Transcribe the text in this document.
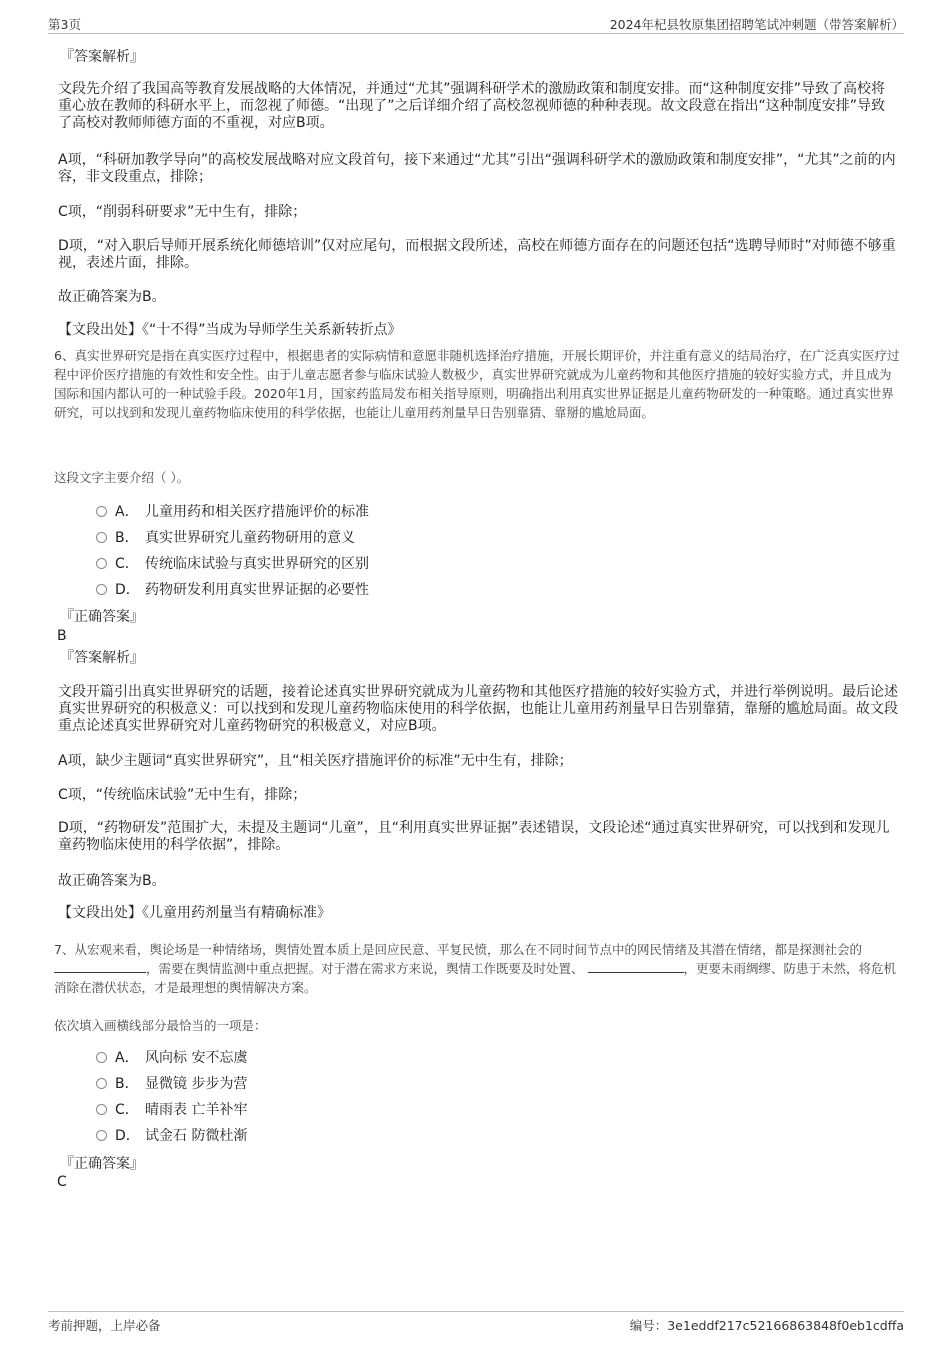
第3页	2024年杞县牧原集团招聘笔试冲刺题（带答案解析）
『答案解析』

文段先介绍了我国高等教育发展战略的大体情况，并通过“尤其”强调科研学术的激励政策和制度安排。而“这种制度安排”导致了高校将重心放在教师的科研水平上，而忽视了师德。“出现了”之后详细介绍了高校忽视师德的种种表现。故文段意在指出“这种制度安排”导致了高校对教师师德方面的不重视，对应B项。

A项，“科研加教学导向”的高校发展战略对应文段首句，接下来通过“尤其”引出“强调科研学术的激励政策和制度安排”，“尤其”之前的内容，非文段重点，排除；

C项，“削弱科研要求”无中生有，排除；

D项，“对入职后导师开展系统化师德培训”仅对应尾句，而根据文段所述，高校在师德方面存在的问题还包括“选聘导师时”对师德不够重视，表述片面，排除。

故正确答案为B。

【文段出处】《“十不得”当成为导师学生关系新转折点》

6、真实世界研究是指在真实医疗过程中，根据患者的实际病情和意愿非随机选择治疗措施，开展长期评价，并注重有意义的结局治疗，在广泛真实医疗过程中评价医疗措施的有效性和安全性。由于儿童志愿者参与临床试验人数极少，真实世界研究就成为儿童药物和其他医疗措施的较好实验方式，并且成为国际和国内都认可的一种试验手段。2020年1月，国家药监局发布相关指导原则，明确指出利用真实世界证据是儿童药物研发的一种策略。通过真实世界研究，可以找到和发现儿童药物临床使用的科学依据，也能让儿童用药剂量早日告别靠猜、靠掰的尴尬局面。
这段文字主要介绍（ ）。
A． 儿童用药和相关医疗措施评价的标准
B． 真实世界研究儿童药物研用的意义
C． 传统临床试验与真实世界研究的区别
D． 药物研发利用真实世界证据的必要性
『正确答案』
B
『答案解析』

文段开篇引出真实世界研究的话题，接着论述真实世界研究就成为儿童药物和其他医疗措施的较好实验方式，并进行举例说明。最后论述真实世界研究的积极意义：可以找到和发现儿童药物临床使用的科学依据，也能让儿童用药剂量早日告别靠猜，靠掰的尴尬局面。故文段重点论述真实世界研究对儿童药物研究的积极意义，对应B项。

A项，缺少主题词“真实世界研究”，且“相关医疗措施评价的标准”无中生有，排除；

C项，“传统临床试验”无中生有，排除；

D项，“药物研发”范围扩大，未提及主题词“儿童”，且“利用真实世界证据”表述错误，文段论述“通过真实世界研究，可以找到和发现儿童药物临床使用的科学依据”，排除。

故正确答案为B。

【文段出处】《儿童用药剂量当有精确标准》

7、从宏观来看，舆论场是一种情绪场，舆情处置本质上是回应民意、平复民愤，那么在不同时间节点中的网民情绪及其潜在情绪，都是探测社会的 ，需要在舆情监测中重点把握。对于潜在需求方来说，舆情工作既要及时处置、	，更要未雨绸缪、防患于未然，将危机消除在潜伏状态，才是最理想的舆情解决方案。
依次填入画横线部分最恰当的一项是：
A． 风向标 安不忘虞
B． 显微镜 步步为营
C． 晴雨表 亡羊补牢
D． 试金石 防微杜渐
『正确答案』
C
考前押题，上岸必备	编号：3e1eddf217c52166863848f0eb1cdffa
